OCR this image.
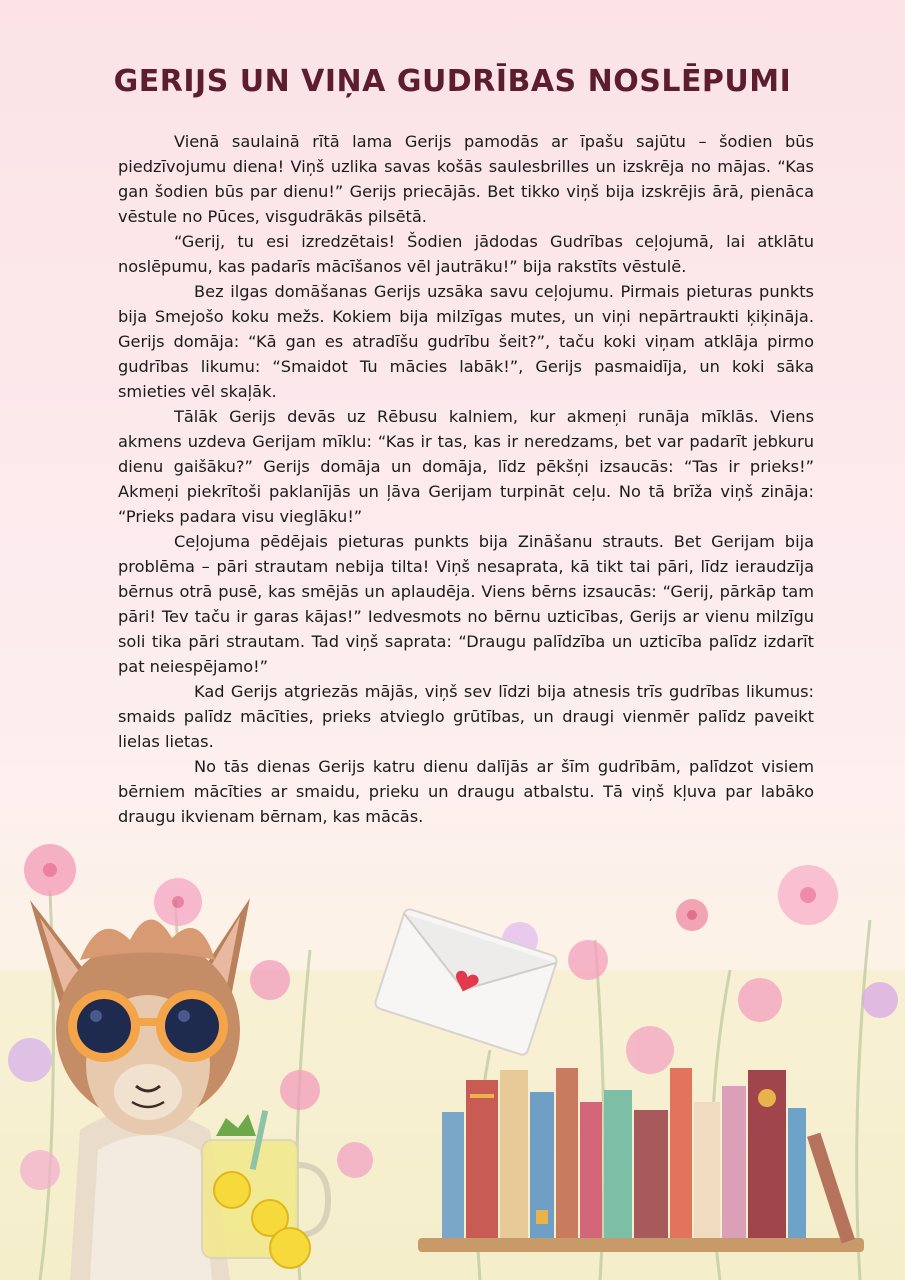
GERIJS UN VIŅA GUDRĪBAS NOSLĒPUMI

Vienā saulainā rītā lama Gerijs pamodās ar īpašu sajūtu – šodien būs piedzīvojumu diena! Viņš uzlika savas košās saulesbrilles un izskrēja no mājas. “Kas gan šodien būs par dienu!” Gerijs priecājās. Bet tikko viņš bija izskrējis ārā, pienāca vēstule no Pūces, visgudrākās pilsētā.

“Gerij, tu esi izredzētais! Šodien jādodas Gudrības ceļojumā, lai atklātu noslēpumu, kas padarīs mācīšanos vēl jautrāku!” bija rakstīts vēstulē.

Bez ilgas domāšanas Gerijs uzsāka savu ceļojumu. Pirmais pieturas punkts bija Smejošo koku mežs. Kokiem bija milzīgas mutes, un viņi nepārtraukti ķiķināja. Gerijs domāja: “Kā gan es atradīšu gudrību šeit?”, taču koki viņam atklāja pirmo gudrības likumu: “Smaidot Tu mācies labāk!”, Gerijs pasmaidīja, un koki sāka smieties vēl skaļāk.

Tālāk Gerijs devās uz Rēbusu kalniem, kur akmeņi runāja mīklās. Viens akmens uzdeva Gerijam mīklu: “Kas ir tas, kas ir neredzams, bet var padarīt jebkuru dienu gaišāku?” Gerijs domāja un domāja, līdz pēkšņi izsaucās: “Tas ir prieks!” Akmeņi piekrītoši paklanījās un ļāva Gerijam turpināt ceļu. No tā brīža viņš zināja: “Prieks padara visu vieglāku!”

Ceļojuma pēdējais pieturas punkts bija Zināšanu strauts. Bet Gerijam bija problēma – pāri strautam nebija tilta! Viņš nesaprata, kā tikt tai pāri, līdz ieraudzīja bērnus otrā pusē, kas smējās un aplaudēja. Viens bērns izsaucās: “Gerij, pārkāp tam pāri! Tev taču ir garas kājas!” Iedvesmots no bērnu uzticības, Gerijs ar vienu milzīgu soli tika pāri strautam. Tad viņš saprata: “Draugu palīdzība un uzticība palīdz izdarīt pat neiespējamo!”

Kad Gerijs atgriezās mājās, viņš sev līdzi bija atnesis trīs gudrības likumus: smaids palīdz mācīties, prieks atvieglo grūtības, un draugi vienmēr palīdz paveikt lielas lietas.

No tās dienas Gerijs katru dienu dalījās ar šīm gudrībām, palīdzot visiem bērniem mācīties ar smaidu, prieku un draugu atbalstu. Tā viņš kļuva par labāko draugu ikvienam bērnam, kas mācās.
